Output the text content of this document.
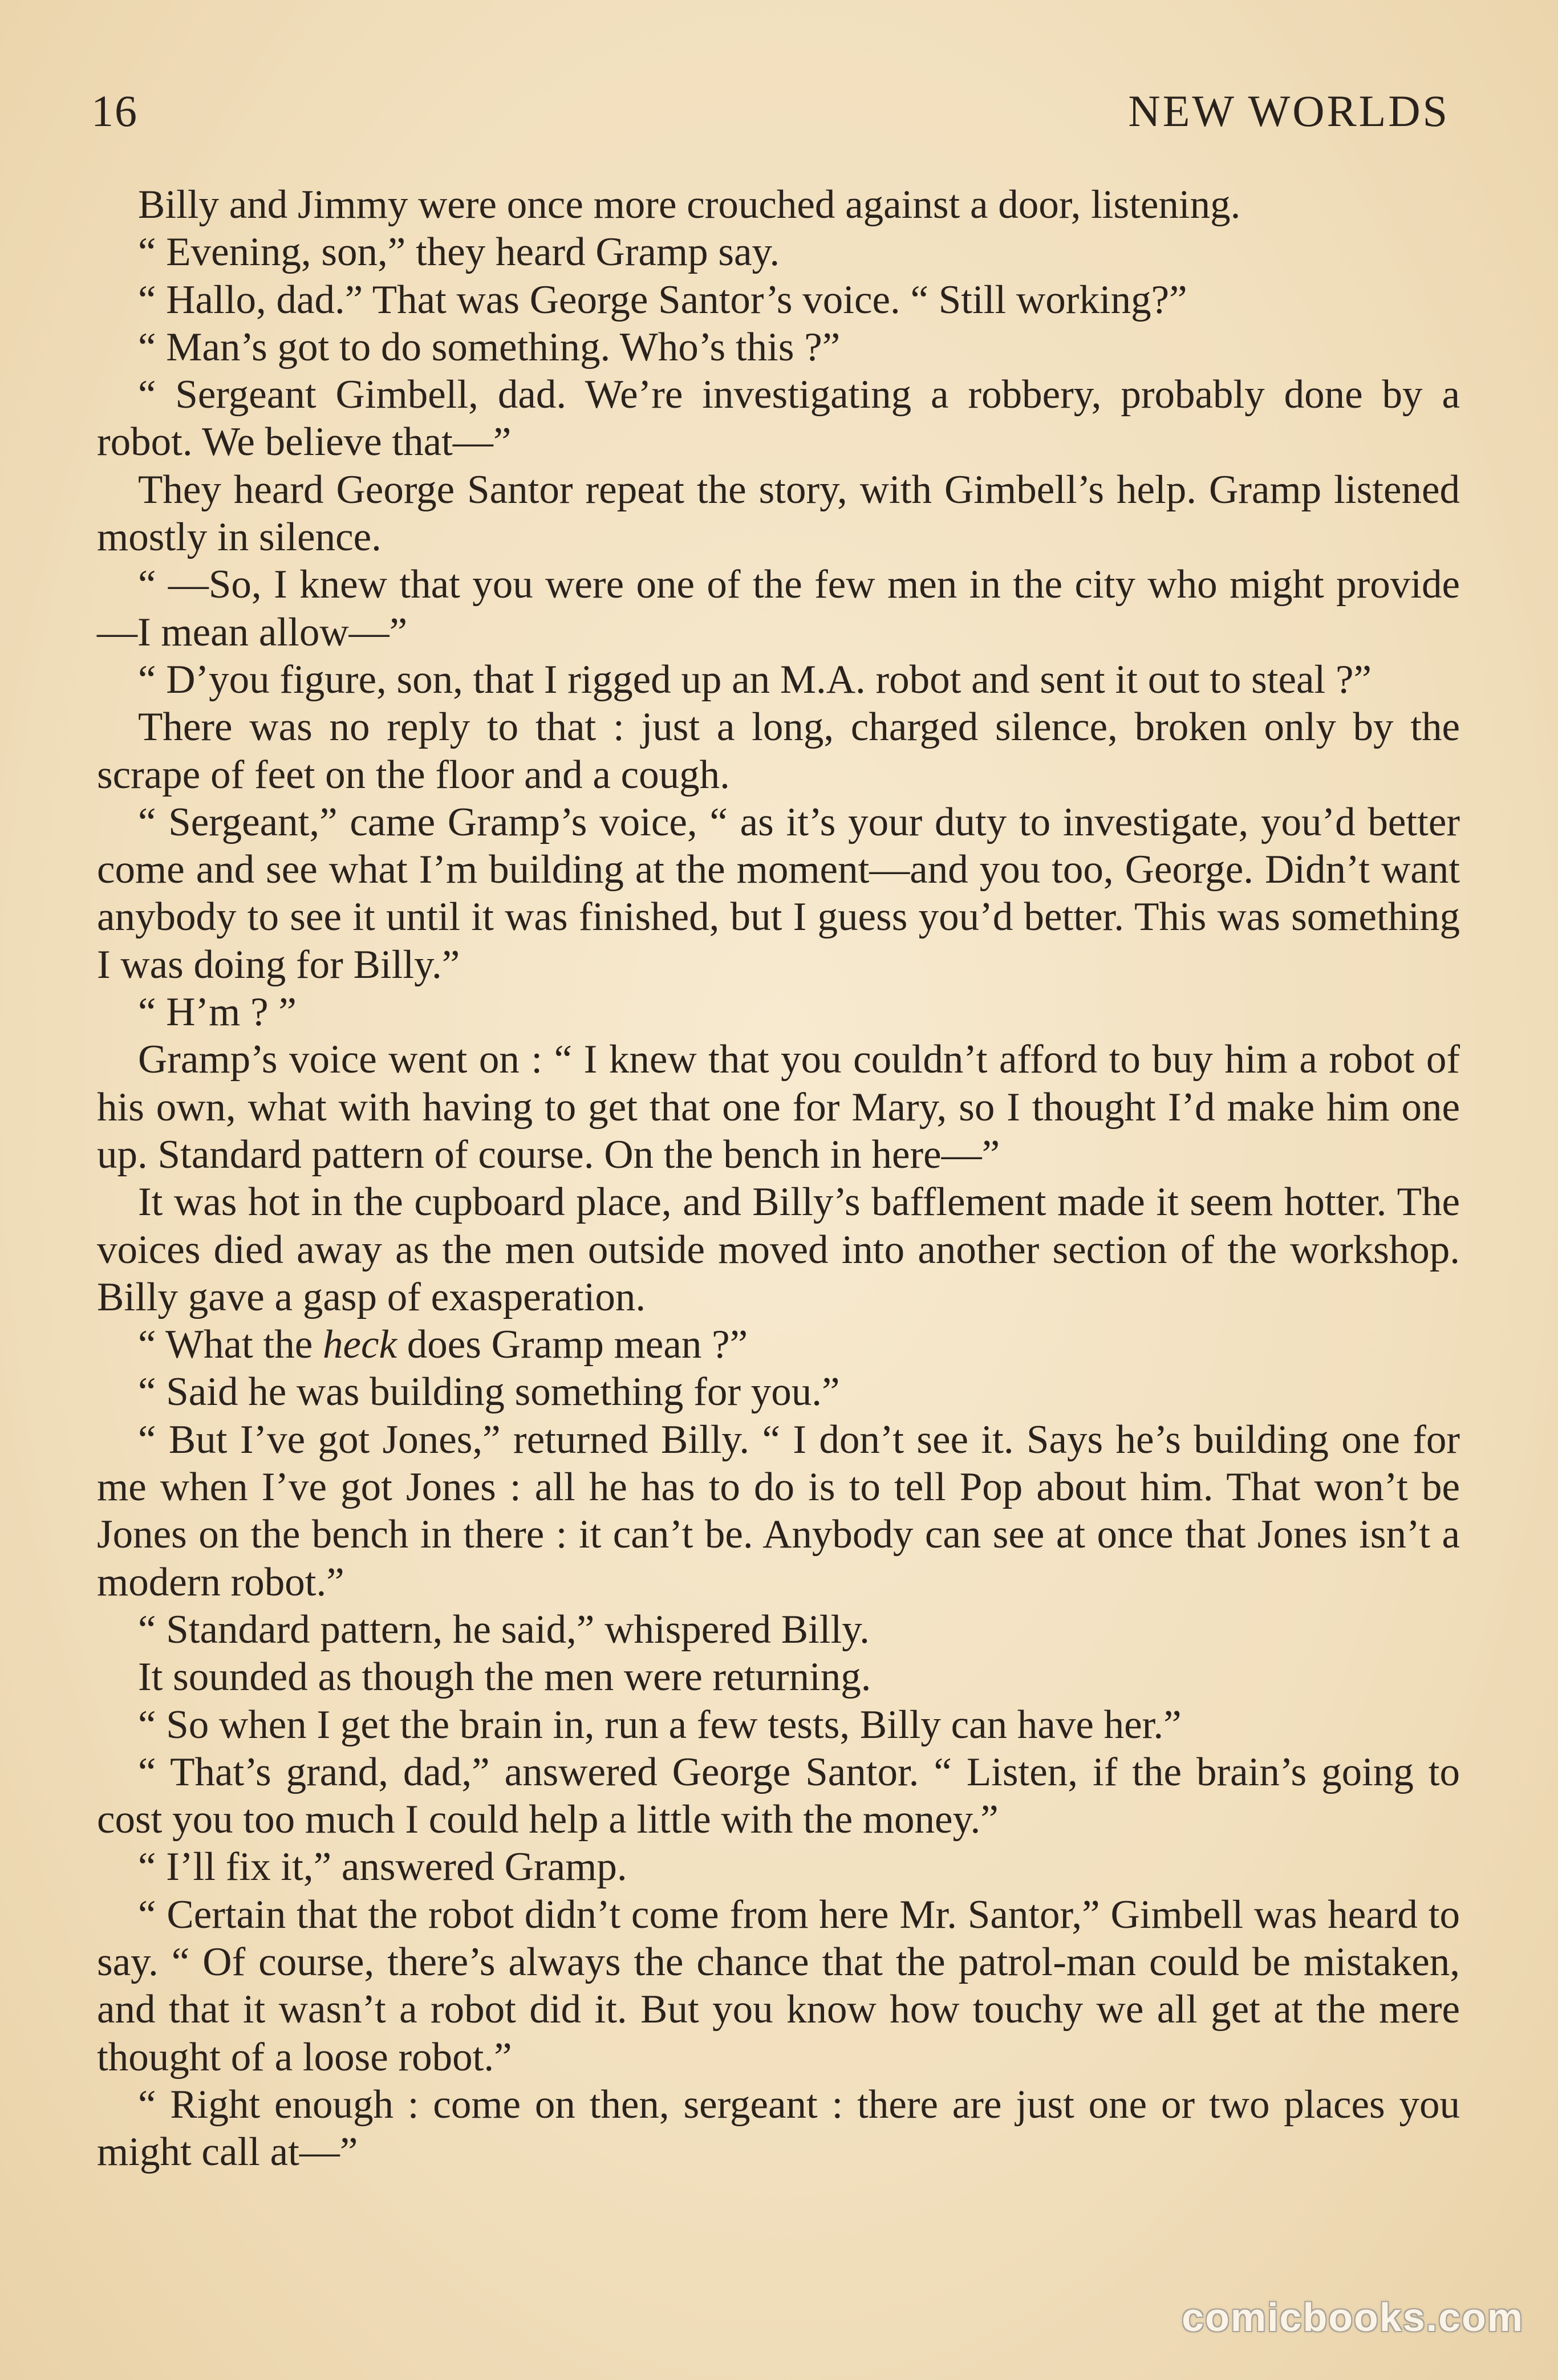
16	NEW WORLDS

Billy and Jimmy were once more crouched against a door, listening.

“ Evening, son,” they heard Gramp say.

“ Hallo, dad.” That was George Santor’s voice. “ Still working?”

“ Man’s got to do something. Who’s this ?”

“ Sergeant Gimbell, dad. We’re investigating a robbery, probably done by a robot. We believe that—”

They heard George Santor repeat the story, with Gimbell’s help. Gramp listened mostly in silence.

“ —So, I knew that you were one of the few men in the city who might provide—I mean allow—”

“ D’you figure, son, that I rigged up an M.A. robot and sent it out to steal ?”

There was no reply to that : just a long, charged silence, broken only by the scrape of feet on the floor and a cough.

“ Sergeant,” came Gramp’s voice, “ as it’s your duty to investigate, you’d better come and see what I’m building at the moment—and you too, George. Didn’t want anybody to see it until it was finished, but I guess you’d better. This was something I was doing for Billy.”

“ H’m ? ”

Gramp’s voice went on : “ I knew that you couldn’t afford to buy him a robot of his own, what with having to get that one for Mary, so I thought I’d make him one up. Standard pattern of course. On the bench in here—”

It was hot in the cupboard place, and Billy’s bafflement made it seem hotter. The voices died away as the men outside moved into another section of the workshop. Billy gave a gasp of exasperation.

“ What the heck does Gramp mean ?”

“ Said he was building something for you.”

“ But I’ve got Jones,” returned Billy. “ I don’t see it. Says he’s building one for me when I’ve got Jones : all he has to do is to tell Pop about him. That won’t be Jones on the bench in there : it can’t be. Anybody can see at once that Jones isn’t a modern robot.”

“ Standard pattern, he said,” whispered Billy.

It sounded as though the men were returning.

“ So when I get the brain in, run a few tests, Billy can have her.”

“ That’s grand, dad,” answered George Santor. “ Listen, if the brain’s going to cost you too much I could help a little with the money.”

“ I’ll fix it,” answered Gramp.

“ Certain that the robot didn’t come from here Mr. Santor,” Gimbell was heard to say. “ Of course, there’s always the chance that the patrol-man could be mistaken, and that it wasn’t a robot did it. But you know how touchy we all get at the mere thought of a loose robot.”

“ Right enough : come on then, sergeant : there are just one or two places you might call at—”

comicbooks.com
